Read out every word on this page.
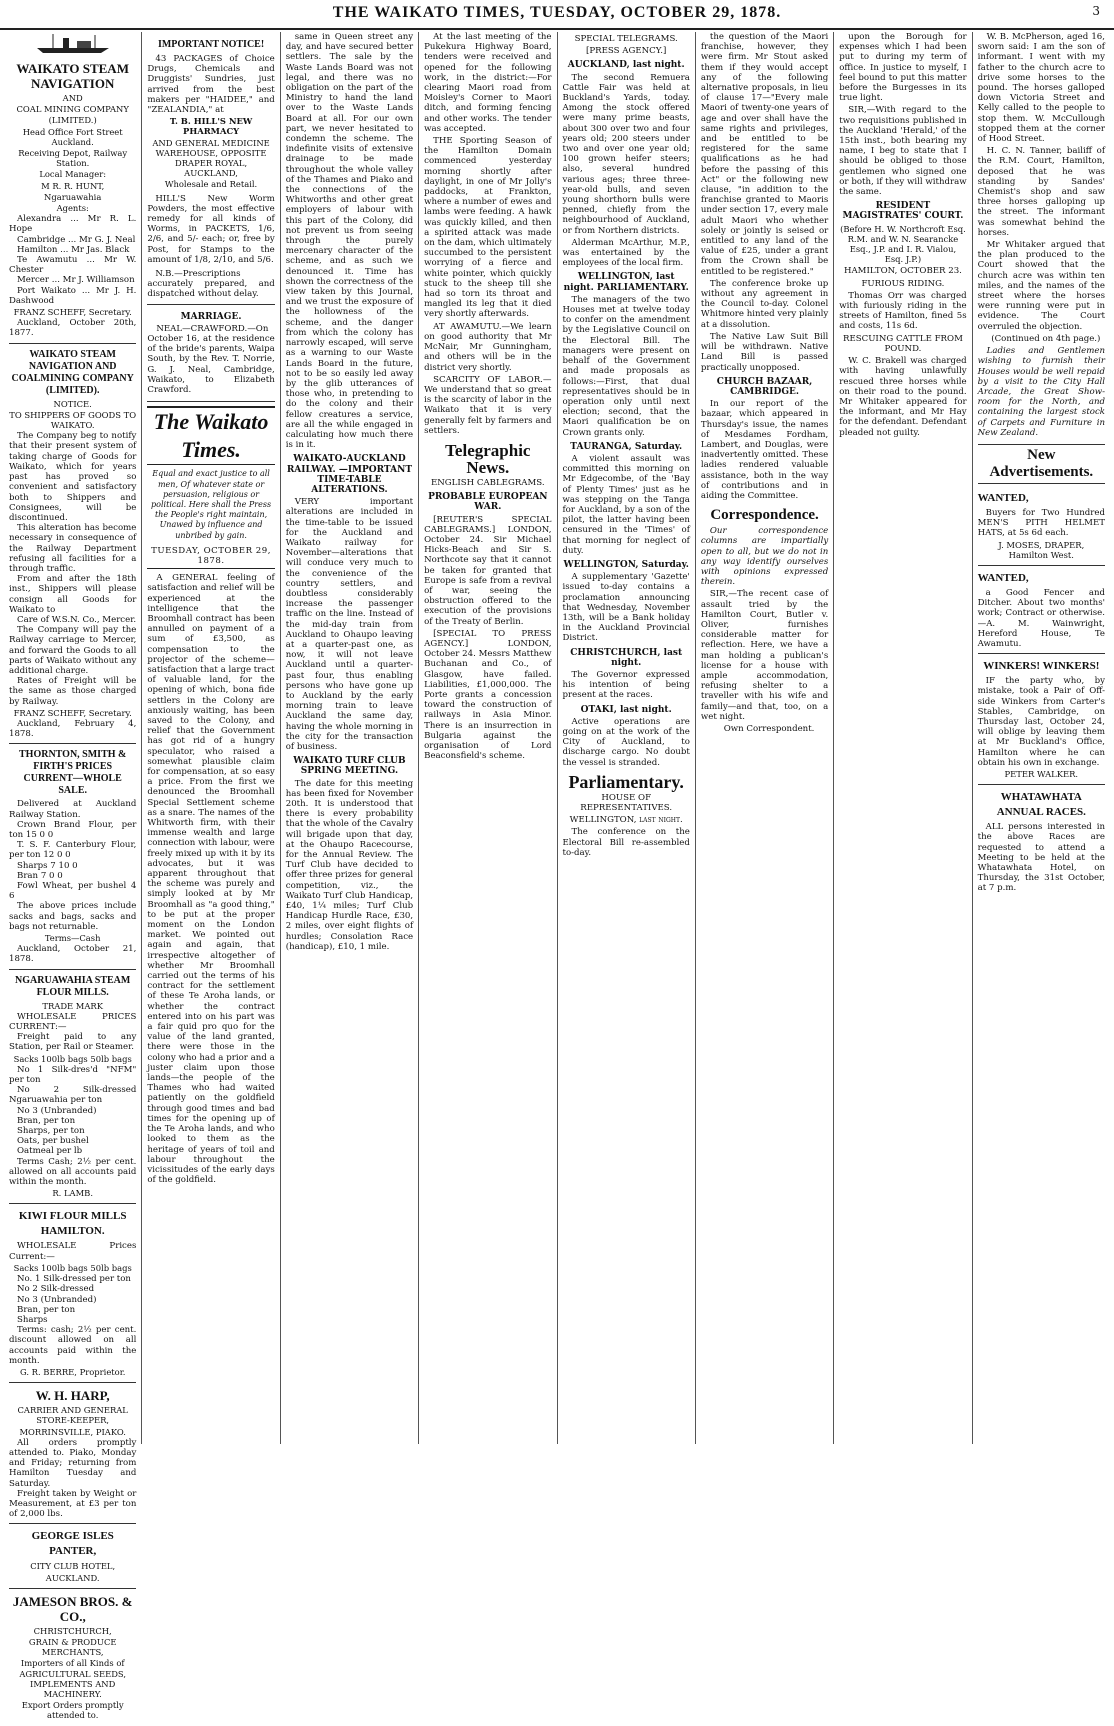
THE WAIKATO TIMES, TUESDAY, OCTOBER 29, 1878.	3
WAIKATO STEAM NAVIGATION

AND

COAL MINING COMPANY

(LIMITED.)

Head Office Fort Street Auckland.

Receiving Depot, Railway Station.

Local Manager:

M R. R. HUNT,

Ngaruawahia

Agents:

Alexandra ... Mr R. L. Hope

Cambridge ... Mr G. J. Neal

Hamilton ... Mr Jas. Black

Te Awamutu ... Mr W. Chester

Mercer ... Mr J. Williamson

Port Waikato ... Mr J. H. Dashwood

FRANZ SCHEFF, Secretary.

Auckland, October 20th, 1877.

WAIKATO STEAM NAVIGATION AND COALMINING COMPANY (LIMITED).

NOTICE.

TO SHIPPERS OF GOODS TO WAIKATO.

The Company beg to notify that their present system of taking charge of Goods for Waikato, which for years past has proved so convenient and satisfactory both to Shippers and Consignees, will be discontinued.

This alteration has become necessary in consequence of the Railway Department refusing all facilities for a through traffic.

From and after the 18th inst., Shippers will please consign all Goods for Waikato to

Care of W.S.N. Co., Mercer.

The Company will pay the Railway carriage to Mercer, and forward the Goods to all parts of Waikato without any additional charge.

Rates of Freight will be the same as those charged by Railway.

FRANZ SCHEFF, Secretary.

Auckland, February 4, 1878.

THORNTON, SMITH & FIRTH'S PRICES CURRENT—WHOLE SALE.

Delivered at Auckland Railway Station.

Crown Brand Flour, per ton 15 0 0

T. S. F. Canterbury Flour, per ton 12 0 0

Sharps 7 10 0

Bran 7 0 0

Fowl Wheat, per bushel 4 6

The above prices include sacks and bags, sacks and bags not returnable.

Terms—Cash

Auckland, October 21, 1878.

NGARUAWAHIA STEAM FLOUR MILLS.

TRADE MARK

WHOLESALE PRICES CURRENT:—

Freight paid to any Station, per Rail or Steamer.

Sacks 100lb bags 50lb bags

No 1 Silk-dres'd "NFM" per ton

No 2 Silk-dressed Ngaruawahia per ton

No 3 (Unbranded)

Bran, per ton

Sharps, per ton

Oats, per bushel

Oatmeal per lb

Terms Cash; 2½ per cent. allowed on all accounts paid within the month.

R. LAMB.

KIWI FLOUR MILLS HAMILTON.

WHOLESALE Prices Current:—

Sacks 100lb bags 50lb bags

No. 1 Silk-dressed per ton

No 2 Silk-dressed

No 3 (Unbranded)

Bran, per ton

Sharps

Terms: cash; 2½ per cent. discount allowed on all accounts paid within the month.

G. R. BERRE, Proprietor.

W. H. HARP,

CARRIER AND GENERAL STORE-KEEPER,

MORRINSVILLE, PIAKO.

All orders promptly attended to. Piako, Monday and Friday; returning from Hamilton Tuesday and Saturday.

Freight taken by Weight or Measurement, at £3 per ton of 2,000 lbs.

GEORGE ISLES PANTER,

CITY CLUB HOTEL,

AUCKLAND.

JAMESON BROS. & CO.,

CHRISTCHURCH,

GRAIN & PRODUCE MERCHANTS,

Importers of all Kinds of AGRICULTURAL SEEDS, IMPLEMENTS AND MACHINERY.

Export Orders promptly attended to.

IMPORTANT NOTICE!

43 PACKAGES of Choice Drugs, Chemicals and Druggists' Sundries, just arrived from the best makers per "HAIDEE," and "ZEALANDIA," at

T. B. HILL'S NEW PHARMACY

AND GENERAL MEDICINE WAREHOUSE, OPPOSITE DRAPER ROYAL, AUCKLAND,

Wholesale and Retail.

HILL'S New Worm Powders, the most effective remedy for all kinds of Worms, in PACKETS, 1/6, 2/6, and 5/- each; or, free by Post, for Stamps to the amount of 1/8, 2/10, and 5/6.

N.B.—Prescriptions accurately prepared, and dispatched without delay.

MARRIAGE.

NEAL—CRAWFORD.—On October 16, at the residence of the bride's parents, Waipa South, by the Rev. T. Norrie, G. J. Neal, Cambridge, Waikato, to Elizabeth Crawford.

The Waikato Times.
Equal and exact justice to all men, Of whatever state or persuasion, religious or political. Here shall the Press the People's right maintain, Unawed by influence and unbribed by gain.
TUESDAY, OCTOBER 29, 1878.

A GENERAL feeling of satisfaction and relief will be experienced at the intelligence that the Broomhall contract has been annulled on payment of a sum of £3,500, as compensation to the projector of the scheme—satisfaction that a large tract of valuable land, for the opening of which, bona fide settlers in the Colony are anxiously waiting, has been saved to the Colony, and relief that the Government has got rid of a hungry speculator, who raised a somewhat plausible claim for compensation, at so easy a price. From the first we denounced the Broomhall Special Settlement scheme as a snare. The names of the Whitworth firm, with their immense wealth and large connection with labour, were freely mixed up with it by its advocates, but it was apparent throughout that the scheme was purely and simply looked at by Mr Broomhall as "a good thing," to be put at the proper moment on the London market. We pointed out again and again, that irrespective altogether of whether Mr Broomhall carried out the terms of his contract for the settlement of these Te Aroha lands, or whether the contract entered into on his part was a fair quid pro quo for the value of the land granted, there were those in the colony who had a prior and a juster claim upon those lands—the people of the Thames who had waited patiently on the goldfield through good times and bad times for the opening up of the Te Aroha lands, and who looked to them as the heritage of years of toil and labour throughout the vicissitudes of the early days of the goldfield.

same in Queen street any day, and have secured better settlers. The sale by the Waste Lands Board was not legal, and there was no obligation on the part of the Ministry to hand the land over to the Waste Lands Board at all. For our own part, we never hesitated to condemn the scheme. The indefinite visits of extensive drainage to be made throughout the whole valley of the Thames and Piako and the connections of the Whitworths and other great employers of labour with this part of the Colony, did not prevent us from seeing through the purely mercenary character of the scheme, and as such we denounced it. Time has shown the correctness of the view taken by this Journal, and we trust the exposure of the hollowness of the scheme, and the danger from which the colony has narrowly escaped, will serve as a warning to our Waste Lands Board in the future, not to be so easily led away by the glib utterances of those who, in pretending to do the colony and their fellow creatures a service, are all the while engaged in calculating how much there is in it.

WAIKATO-AUCKLAND RAILWAY. —IMPORTANT TIME-TABLE ALTERATIONS.

VERY important alterations are included in the time-table to be issued for the Auckland and Waikato railway for November—alterations that will conduce very much to the convenience of the country settlers, and doubtless considerably increase the passenger traffic on the line. Instead of the mid-day train from Auckland to Ohaupo leaving at a quarter-past one, as now, it will not leave Auckland until a quarter-past four, thus enabling persons who have gone up to Auckland by the early morning train to leave Auckland the same day, having the whole morning in the city for the transaction of business.

WAIKATO TURF CLUB SPRING MEETING.

The date for this meeting has been fixed for November 20th. It is understood that there is every probability that the whole of the Cavalry will brigade upon that day, at the Ohaupo Racecourse, for the Annual Review. The Turf Club have decided to offer three prizes for general competition, viz., the Waikato Turf Club Handicap, £40, 1¼ miles; Turf Club Handicap Hurdle Race, £30, 2 miles, over eight flights of hurdles; Consolation Race (handicap), £10, 1 mile.

At the last meeting of the Pukekura Highway Board, tenders were received and opened for the following work, in the district:—For clearing Maori road from Moisley's Corner to Maori ditch, and forming fencing and other works. The tender was accepted.

THE Sporting Season of the Hamilton Domain commenced yesterday morning shortly after daylight, in one of Mr Jolly's paddocks, at Frankton, where a number of ewes and lambs were feeding. A hawk was quickly killed, and then a spirited attack was made on the dam, which ultimately succumbed to the persistent worrying of a fierce and white pointer, which quickly stuck to the sheep till she had so torn its throat and mangled its leg that it died very shortly afterwards.

AT AWAMUTU.—We learn on good authority that Mr McNair, Mr Gunningham, and others will be in the district very shortly.

SCARCITY OF LABOR.—We understand that so great is the scarcity of labor in the Waikato that it is very generally felt by farmers and settlers.

Telegraphic News.
ENGLISH CABLEGRAMS.
PROBABLE EUROPEAN WAR.

[REUTER'S SPECIAL CABLEGRAMS.] LONDON, October 24. Sir Michael Hicks-Beach and Sir S. Northcote say that it cannot be taken for granted that Europe is safe from a revival of war, seeing the obstruction offered to the execution of the provisions of the Treaty of Berlin.

[SPECIAL TO PRESS AGENCY.] LONDON, October 24. Messrs Matthew Buchanan and Co., of Glasgow, have failed. Liabilities, £1,000,000. The Porte grants a concession toward the construction of railways in Asia Minor. There is an insurrection in Bulgaria against the organisation of Lord Beaconsfield's scheme.

SPECIAL TELEGRAMS.
[PRESS AGENCY.]
AUCKLAND, last night.

The second Remuera Cattle Fair was held at Buckland's Yards, today. Among the stock offered were many prime beasts, about 300 over two and four years old; 200 steers under two and over one year old; 100 grown heifer steers; also, several hundred various ages; three three-year-old bulls, and seven young shorthorn bulls were penned, chiefly from the neighbourhood of Auckland, or from Northern districts.

Alderman McArthur, M.P., was entertained by the employees of the local firm.

WELLINGTON, last night. PARLIAMENTARY.

The managers of the two Houses met at twelve today to confer on the amendment by the Legislative Council on the Electoral Bill. The managers were present on behalf of the Government and made proposals as follows:—First, that dual representatives should be in operation only until next election; second, that the Maori qualification be on Crown grants only.

TAURANGA, Saturday.

A violent assault was committed this morning on Mr Edgecombe, of the 'Bay of Plenty Times' just as he was stepping on the Tanga for Auckland, by a son of the pilot, the latter having been censured in the 'Times' of that morning for neglect of duty.

WELLINGTON, Saturday.

A supplementary 'Gazette' issued to-day contains a proclamation announcing that Wednesday, November 13th, will be a Bank holiday in the Auckland Provincial District.

CHRISTCHURCH, last night.

The Governor expressed his intention of being present at the races.

OTAKI, last night.

Active operations are going on at the work of the City of Auckland, to discharge cargo. No doubt the vessel is stranded.

Parliamentary.
HOUSE OF REPRESENTATIVES.
WELLINGTON, last night.

The conference on the Electoral Bill re-assembled to-day.

the question of the Maori franchise, however, they were firm. Mr Stout asked them if they would accept any of the following alternative proposals, in lieu of clause 17—"Every male Maori of twenty-one years of age and over shall have the same rights and privileges, and be entitled to be registered for the same qualifications as he had before the passing of this Act" or the following new clause, "in addition to the franchise granted to Maoris under section 17, every male adult Maori who whether solely or jointly is seised or entitled to any land of the value of £25, under a grant from the Crown shall be entitled to be registered."

The conference broke up without any agreement in the Council to-day. Colonel Whitmore hinted very plainly at a dissolution.

The Native Law Suit Bill will be withdrawn. Native Land Bill is passed practically unopposed.

CHURCH BAZAAR, CAMBRIDGE.

In our report of the bazaar, which appeared in Thursday's issue, the names of Mesdames Fordham, Lambert, and Douglas, were inadvertently omitted. These ladies rendered valuable assistance, both in the way of contributions and in aiding the Committee.

Correspondence.

Our correspondence columns are impartially open to all, but we do not in any way identify ourselves with opinions expressed therein.

SIR,—The recent case of assault tried by the Hamilton Court, Butler v. Oliver, furnishes considerable matter for reflection. Here, we have a man holding a publican's license for a house with ample accommodation, refusing shelter to a traveller with his wife and family—and that, too, on a wet night.

Own Correspondent.

upon the Borough for expenses which I had been put to during my term of office. In justice to myself, I feel bound to put this matter before the Burgesses in its true light.

SIR,—With regard to the two requisitions published in the Auckland 'Herald,' of the 15th inst., both bearing my name, I beg to state that I should be obliged to those gentlemen who signed one or both, if they will withdraw the same.

RESIDENT MAGISTRATES' COURT.
(Before H. W. Northcroft Esq. R.M. and W. N. Searancke Esq., J.P. and I. R. Vialou, Esq. J.P.)
HAMILTON, OCTOBER 23.
FURIOUS RIDING.

Thomas Orr was charged with furiously riding in the streets of Hamilton, fined 5s and costs, 11s 6d.

RESCUING CATTLE FROM POUND.

W. C. Brakell was charged with having unlawfully rescued three horses while on their road to the pound. Mr Whitaker appeared for the informant, and Mr Hay for the defendant. Defendant pleaded not guilty.

W. B. McPherson, aged 16, sworn said: I am the son of informant. I went with my father to the church acre to drive some horses to the pound. The horses galloped down Victoria Street and Kelly called to the people to stop them. W. McCullough stopped them at the corner of Hood Street.

H. C. N. Tanner, bailiff of the R.M. Court, Hamilton, deposed that he was standing by Sandes' Chemist's shop and saw three horses galloping up the street. The informant was somewhat behind the horses.

Mr Whitaker argued that the plan produced to the Court showed that the church acre was within ten miles, and the names of the street where the horses were running were put in evidence. The Court overruled the objection.

(Continued on 4th page.)

Ladies and Gentlemen wishing to furnish their Houses would be well repaid by a visit to the City Hall Arcade, the Great Show-room for the North, and containing the largest stock of Carpets and Furniture in New Zealand.

New Advertisements.
WANTED,

Buyers for Two Hundred MEN'S PITH HELMET HATS, at 5s 6d each.

J. MOSES, DRAPER, Hamilton West.

WANTED,

a Good Fencer and Ditcher. About two months' work; Contract or otherwise.—A. M. Wainwright, Hereford House, Te Awamutu.

WINKERS! WINKERS!

IF the party who, by mistake, took a Pair of Off-side Winkers from Carter's Stables, Cambridge, on Thursday last, October 24, will oblige by leaving them at Mr Buckland's Office, Hamilton where he can obtain his own in exchange.

PETER WALKER.

WHATAWHATA ANNUAL RACES.

ALL persons interested in the above Races are requested to attend a Meeting to be held at the Whatawhata Hotel, on Thursday, the 31st October, at 7 p.m.
